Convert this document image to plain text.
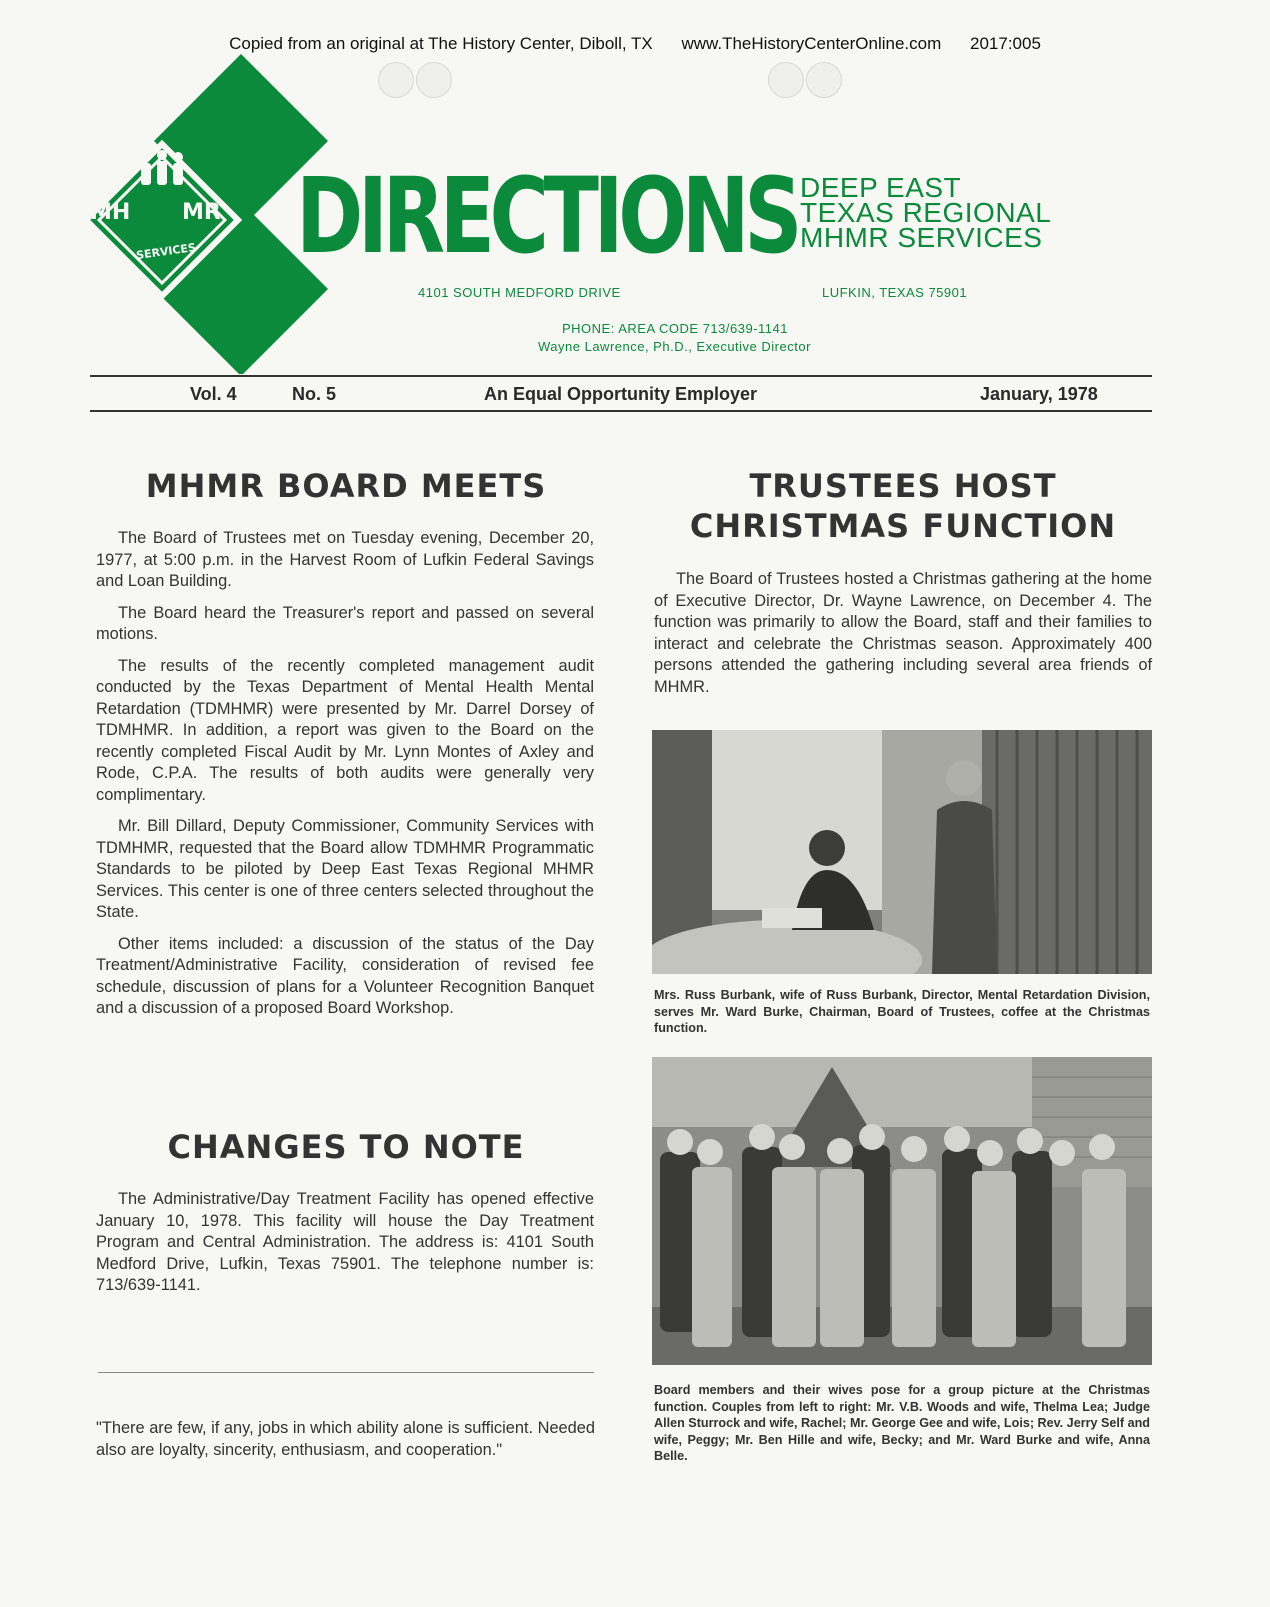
Copied from an original at The History Center, Diboll, TX www.TheHistoryCenterOnline.com 2017:005
MH MR
SERVICES DIRECTIONS DEEP EAST
TEXAS REGIONAL
MHMR SERVICES
4101 SOUTH MEDFORD DRIVE	LUFKIN, TEXAS 75901
PHONE: AREA CODE 713/639-1141
Wayne Lawrence, Ph.D., Executive Director
Vol. 4	No. 5	An Equal Opportunity Employer	January, 1978
MHMR BOARD MEETS

The Board of Trustees met on Tuesday evening, December 20, 1977, at 5:00 p.m. in the Harvest Room of Lufkin Federal Savings and Loan Building.

The Board heard the Treasurer's report and passed on several motions.

The results of the recently completed management audit conducted by the Texas Department of Mental Health Mental Retardation (TDMHMR) were presented by Mr. Darrel Dorsey of TDMHMR. In addition, a report was given to the Board on the recently completed Fiscal Audit by Mr. Lynn Montes of Axley and Rode, C.P.A. The results of both audits were generally very complimentary.

Mr. Bill Dillard, Deputy Commissioner, Community Services with TDMHMR, requested that the Board allow TDMHMR Programmatic Standards to be piloted by Deep East Texas Regional MHMR Services. This center is one of three centers selected throughout the State.

Other items included: a discussion of the status of the Day Treatment/Administrative Facility, consideration of revised fee schedule, discussion of plans for a Volunteer Recognition Banquet and a discussion of a proposed Board Workshop.

CHANGES TO NOTE

The Administrative/Day Treatment Facility has opened effective January 10, 1978. This facility will house the Day Treatment Program and Central Administration. The address is: 4101 South Medford Drive, Lufkin, Texas 75901. The telephone number is: 713/639-1141.

"There are few, if any, jobs in which ability alone is sufficient. Needed also are loyalty, sincerity, enthusiasm, and cooperation."
TRUSTEES HOST
CHRISTMAS FUNCTION

The Board of Trustees hosted a Christmas gathering at the home of Executive Director, Dr. Wayne Lawrence, on December 4. The function was primarily to allow the Board, staff and their families to interact and celebrate the Christmas season. Approximately 400 persons attended the gathering including several area friends of MHMR.

Mrs. Russ Burbank, wife of Russ Burbank, Director, Mental Retardation Division, serves Mr. Ward Burke, Chairman, Board of Trustees, coffee at the Christmas function.
Board members and their wives pose for a group picture at the Christmas function. Couples from left to right: Mr. V.B. Woods and wife, Thelma Lea; Judge Allen Sturrock and wife, Rachel; Mr. George Gee and wife, Lois; Rev. Jerry Self and wife, Peggy; Mr. Ben Hille and wife, Becky; and Mr. Ward Burke and wife, Anna Belle.
